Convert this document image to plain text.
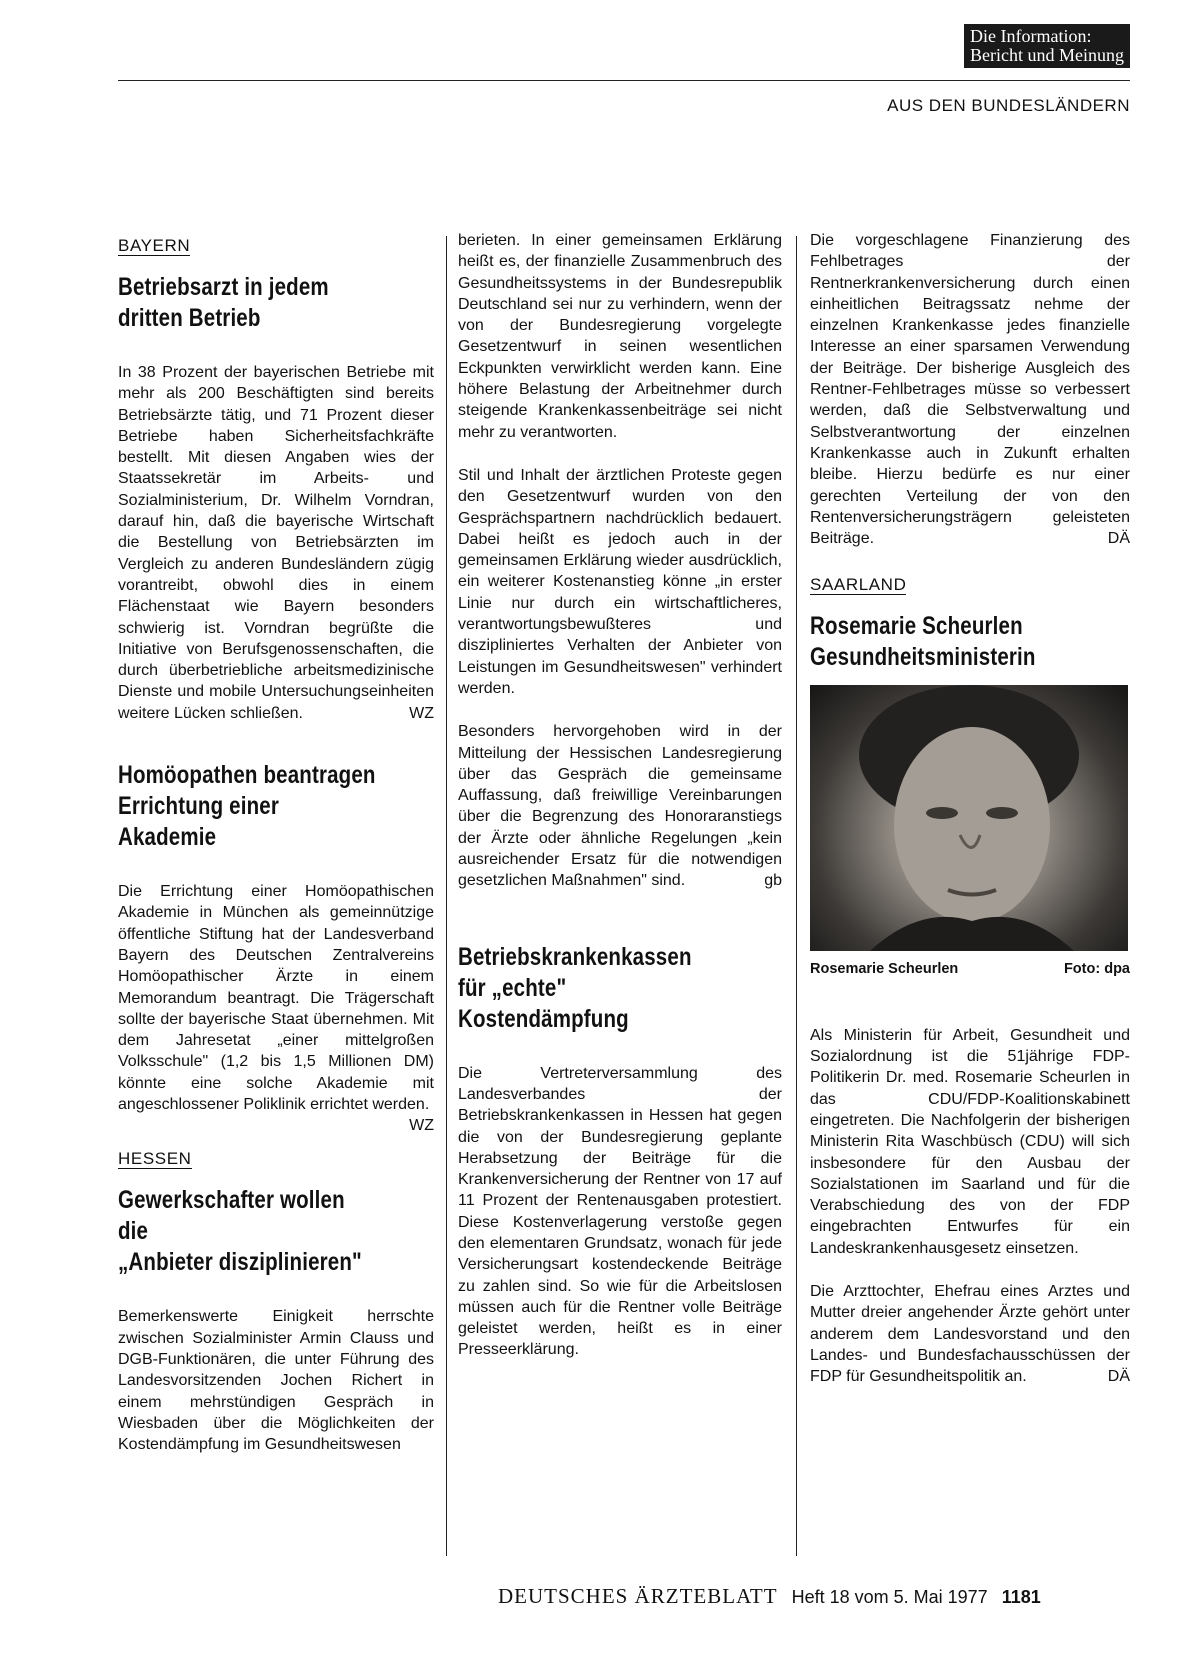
Die Information:
Bericht und Meinung
AUS DEN BUNDESLÄNDERN
BAYERN
Betriebsarzt in jedem
dritten Betrieb

In 38 Prozent der bayerischen Betriebe mit mehr als 200 Beschäftigten sind bereits Betriebsärzte tätig, und 71 Prozent dieser Betriebe haben Sicherheitsfachkräfte bestellt. Mit diesen Angaben wies der Staatssekretär im Arbeits- und Sozialministerium, Dr. Wilhelm Vorndran, darauf hin, daß die bayerische Wirtschaft die Bestellung von Betriebsärzten im Vergleich zu anderen Bundesländern zügig vorantreibt, obwohl dies in einem Flächenstaat wie Bayern besonders schwierig ist. Vorndran begrüßte die Initiative von Berufsgenossenschaften, die durch überbetriebliche arbeitsmedizinische Dienste und mobile Untersuchungseinheiten weitere Lücken schließen.	WZ

Homöopathen beantragen
Errichtung einer Akademie

Die Errichtung einer Homöopathischen Akademie in München als gemeinnützige öffentliche Stiftung hat der Landesverband Bayern des Deutschen Zentralvereins Homöopathischer Ärzte in einem Memorandum beantragt. Die Trägerschaft sollte der bayerische Staat übernehmen. Mit dem Jahresetat „einer mittelgroßen Volksschule" (1,2 bis 1,5 Millionen DM) könnte eine solche Akademie mit angeschlossener Poliklinik errichtet werden.
WZ

HESSEN
Gewerkschafter wollen die
„Anbieter disziplinieren"

Bemerkenswerte Einigkeit herrschte zwischen Sozialminister Armin Clauss und DGB-Funktionären, die unter Führung des Landesvorsitzenden Jochen Richert in einem mehrstündigen Gespräch in Wiesbaden über die Möglichkeiten der Kostendämpfung im Gesundheitswesen

berieten. In einer gemeinsamen Erklärung heißt es, der finanzielle Zusammenbruch des Gesundheitssystems in der Bundesrepublik Deutschland sei nur zu verhindern, wenn der von der Bundesregierung vorgelegte Gesetzentwurf in seinen wesentlichen Eckpunkten verwirklicht werden kann. Eine höhere Belastung der Arbeitnehmer durch steigende Krankenkassenbeiträge sei nicht mehr zu verantworten.

Stil und Inhalt der ärztlichen Proteste gegen den Gesetzentwurf wurden von den Gesprächspartnern nachdrücklich bedauert. Dabei heißt es jedoch auch in der gemeinsamen Erklärung wieder ausdrücklich, ein weiterer Kostenanstieg könne „in erster Linie nur durch ein wirtschaftlicheres, verantwortungsbewußteres und diszipliniertes Verhalten der Anbieter von Leistungen im Gesundheitswesen" verhindert werden.

Besonders hervorgehoben wird in der Mitteilung der Hessischen Landesregierung über das Gespräch die gemeinsame Auffassung, daß freiwillige Vereinbarungen über die Begrenzung des Honoraranstiegs der Ärzte oder ähnliche Regelungen „kein ausreichender Ersatz für die notwendigen gesetzlichen Maßnahmen" sind.	gb

Betriebskrankenkassen
für „echte"
Kostendämpfung

Die Vertreterversammlung des Landesverbandes der Betriebskrankenkassen in Hessen hat gegen die von der Bundesregierung geplante Herabsetzung der Beiträge für die Krankenversicherung der Rentner von 17 auf 11 Prozent der Rentenausgaben protestiert. Diese Kostenverlagerung verstoße gegen den elementaren Grundsatz, wonach für jede Versicherungsart kostendeckende Beiträge zu zahlen sind. So wie für die Arbeitslosen müssen auch für die Rentner volle Beiträge geleistet werden, heißt es in einer Presseerklärung.

Die vorgeschlagene Finanzierung des Fehlbetrages der Rentnerkrankenversicherung durch einen einheitlichen Beitragssatz nehme der einzelnen Krankenkasse jedes finanzielle Interesse an einer sparsamen Verwendung der Beiträge. Der bisherige Ausgleich des Rentner-Fehlbetrages müsse so verbessert werden, daß die Selbstverwaltung und Selbstverantwortung der einzelnen Krankenkasse auch in Zukunft erhalten bleibe. Hierzu bedürfe es nur einer gerechten Verteilung der von den Rentenversicherungsträgern geleisteten Beiträge.	DÄ

SAARLAND
Rosemarie Scheurlen
Gesundheitsministerin
Rosemarie Scheurlen	Foto: dpa

Als Ministerin für Arbeit, Gesundheit und Sozialordnung ist die 51jährige FDP-Politikerin Dr. med. Rosemarie Scheurlen in das CDU/FDP-Koalitionskabinett eingetreten. Die Nachfolgerin der bisherigen Ministerin Rita Waschbüsch (CDU) will sich insbesondere für den Ausbau der Sozialstationen im Saarland und für die Verabschiedung des von der FDP eingebrachten Entwurfes für ein Landeskrankenhausgesetz einsetzen.

Die Arzttochter, Ehefrau eines Arztes und Mutter dreier angehender Ärzte gehört unter anderem dem Landesvorstand und den Landes- und Bundesfachausschüssen der FDP für Gesundheitspolitik an.	DÄ

DEUTSCHES ÄRZTEBLATT Heft 18 vom 5. Mai 1977 1181
